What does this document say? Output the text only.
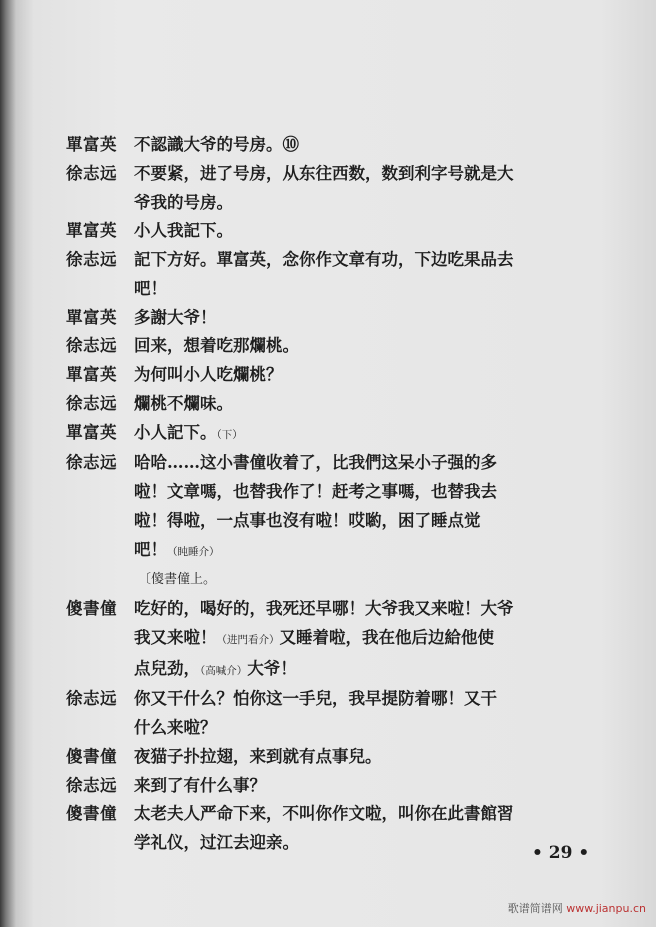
單富英	不認識大爷的号房。⑩
徐志远	不要紧，进了号房，从东往西数，数到利字号就是大
爷我的号房。
單富英	小人我記下。
徐志远	記下方好。單富英，念你作文章有功，下边吃果品去
吧！
單富英	多謝大爷！
徐志远	回来，想着吃那爛桃。
單富英	为何叫小人吃爛桃？
徐志远	爛桃不爛味。
單富英	小人記下。（下）
徐志远	哈哈……这小書僮收着了，比我們这呆小子强的多
啦！文章嗎，也替我作了！赶考之事嗎，也替我去
啦！得啦，一点事也沒有啦！哎喲，困了睡点觉
吧！（盹睡介）
〔傻書僮上。
傻書僮	吃好的，喝好的，我死还早哪！大爷我又来啦！大爷
我又来啦！（进門看介）又睡着啦，我在他后边給他使
点兒劲，（高喊介）大爷！
徐志远	你又干什么？怕你这一手兒，我早提防着哪！又干
什么来啦？
傻書僮	夜猫子扑拉翅，来到就有点事兒。
徐志远	来到了有什么事？
傻書僮	太老夫人严命下来，不叫你作文啦，叫你在此書館習
学礼仪，过江去迎亲。
• 29 •
歌谱简谱网 www.jianpu.cn
